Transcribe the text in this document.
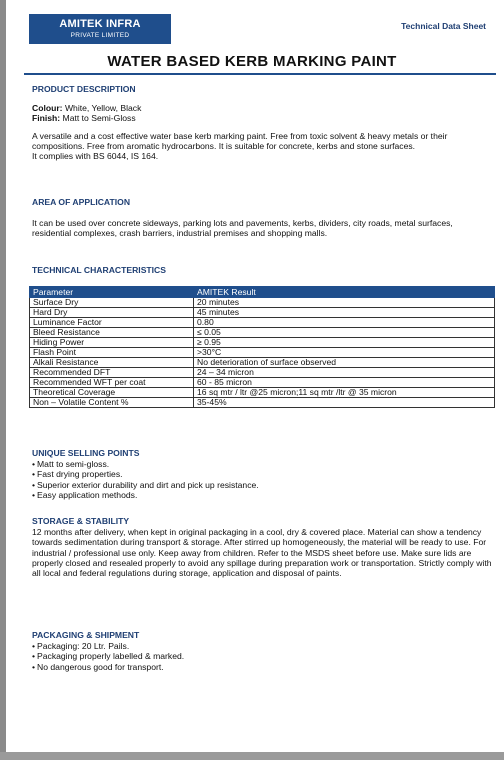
AMITEK INFRA
PRIVATE LIMITED
Technical Data Sheet
WATER BASED KERB MARKING PAINT
PRODUCT DESCRIPTION
Colour: White, Yellow, Black
Finish: Matt to Semi-Gloss
A versatile and a cost effective water base kerb marking paint. Free from toxic solvent & heavy metals or their compositions. Free from aromatic hydrocarbons. It is suitable for concrete, kerbs and stone surfaces.
It complies with BS 6044, IS 164.
AREA OF APPLICATION
It can be used over concrete sideways, parking lots and pavements, kerbs, dividers, city roads, metal surfaces, residential complexes, crash barriers, industrial premises and shopping malls.
TECHNICAL CHARACTERISTICS
Parameter	AMITEK Result
Surface Dry	20 minutes
Hard Dry	45 minutes
Luminance Factor	0.80
Bleed Resistance	≤ 0.05
Hiding Power	≥ 0.95
Flash Point	>30°C
Alkali Resistance	No deterioration of surface observed
Recommended DFT	24 – 34 micron
Recommended WFT per coat	60 - 85 micron
Theoretical Coverage	16 sq mtr / ltr @25 micron;11 sq mtr /ltr @ 35 micron
Non – Volatile Content %	35-45%
UNIQUE SELLING POINTS
• Matt to semi-gloss.
• Fast drying properties.
• Superior exterior durability and dirt and pick up resistance.
• Easy application methods.
STORAGE & STABILITY
12 months after delivery, when kept in original packaging in a cool, dry & covered place. Material can show a tendency towards sedimentation during transport & storage. After stirred up homogeneously, the material will be ready to use. For industrial / professional use only. Keep away from children. Refer to the MSDS sheet before use. Make sure lids are properly closed and resealed properly to avoid any spillage during preparation work or transportation. Strictly comply with all local and federal regulations during storage, application and disposal of paints.
PACKAGING & SHIPMENT
• Packaging: 20 Ltr. Pails.
• Packaging properly labelled & marked.
• No dangerous good for transport.
